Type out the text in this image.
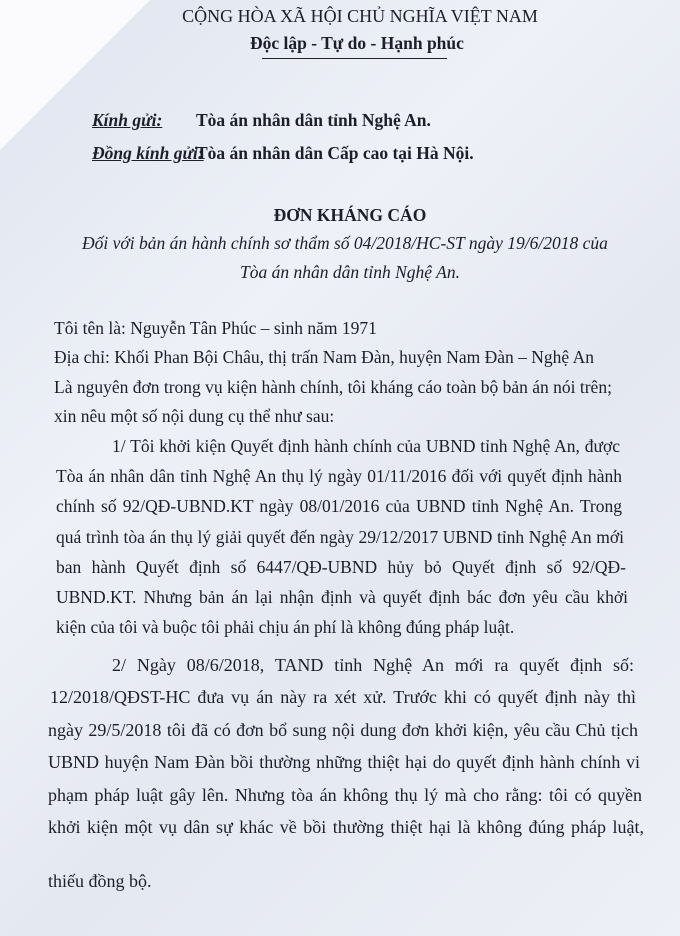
CỘNG HÒA XÃ HỘI CHỦ NGHĨA VIỆT NAM
Độc lập - Tự do - Hạnh phúc
Kính gửi: Tòa án nhân dân tỉnh Nghệ An.
Đồng kính gửi:
Tòa án nhân dân Cấp cao tại Hà Nội.
ĐƠN KHÁNG CÁO
Đối với bản án hành chính sơ thẩm số 04/2018/HC-ST ngày 19/6/2018 của
Tòa án nhân dân tỉnh Nghệ An.
Tôi tên là: Nguyễn Tân Phúc – sinh năm 1971
Địa chỉ: Khối Phan Bội Châu, thị trấn Nam Đàn, huyện Nam Đàn – Nghệ An
Là nguyên đơn trong vụ kiện hành chính, tôi kháng cáo toàn bộ bản án nói trên;
xin nêu một số nội dung cụ thể như sau:
1/ Tôi khởi kiện Quyết định hành chính của UBND tỉnh Nghệ An, được
Tòa án nhân dân tỉnh Nghệ An thụ lý ngày 01/11/2016 đối với quyết định hành
chính số 92/QĐ-UBND.KT ngày 08/01/2016 của UBND tỉnh Nghệ An. Trong
quá trình tòa án thụ lý giải quyết đến ngày 29/12/2017 UBND tỉnh Nghệ An mới
ban hành Quyết định số 6447/QĐ-UBND hủy bỏ Quyết định số 92/QĐ-
UBND.KT. Nhưng bản án lại nhận định và quyết định bác đơn yêu cầu khởi
kiện của tôi và buộc tôi phải chịu án phí là không đúng pháp luật.
2/ Ngày 08/6/2018, TAND tỉnh Nghệ An mới ra quyết định số:
12/2018/QĐST-HC đưa vụ án này ra xét xử. Trước khi có quyết định này thì
ngày 29/5/2018 tôi đã có đơn bổ sung nội dung đơn khởi kiện, yêu cầu Chủ tịch
UBND huyện Nam Đàn bồi thường những thiệt hại do quyết định hành chính vi
phạm pháp luật gây lên. Nhưng tòa án không thụ lý mà cho rằng: tôi có quyền
khởi kiện một vụ dân sự khác về bồi thường thiệt hại là không đúng pháp luật,
thiếu đồng bộ.
